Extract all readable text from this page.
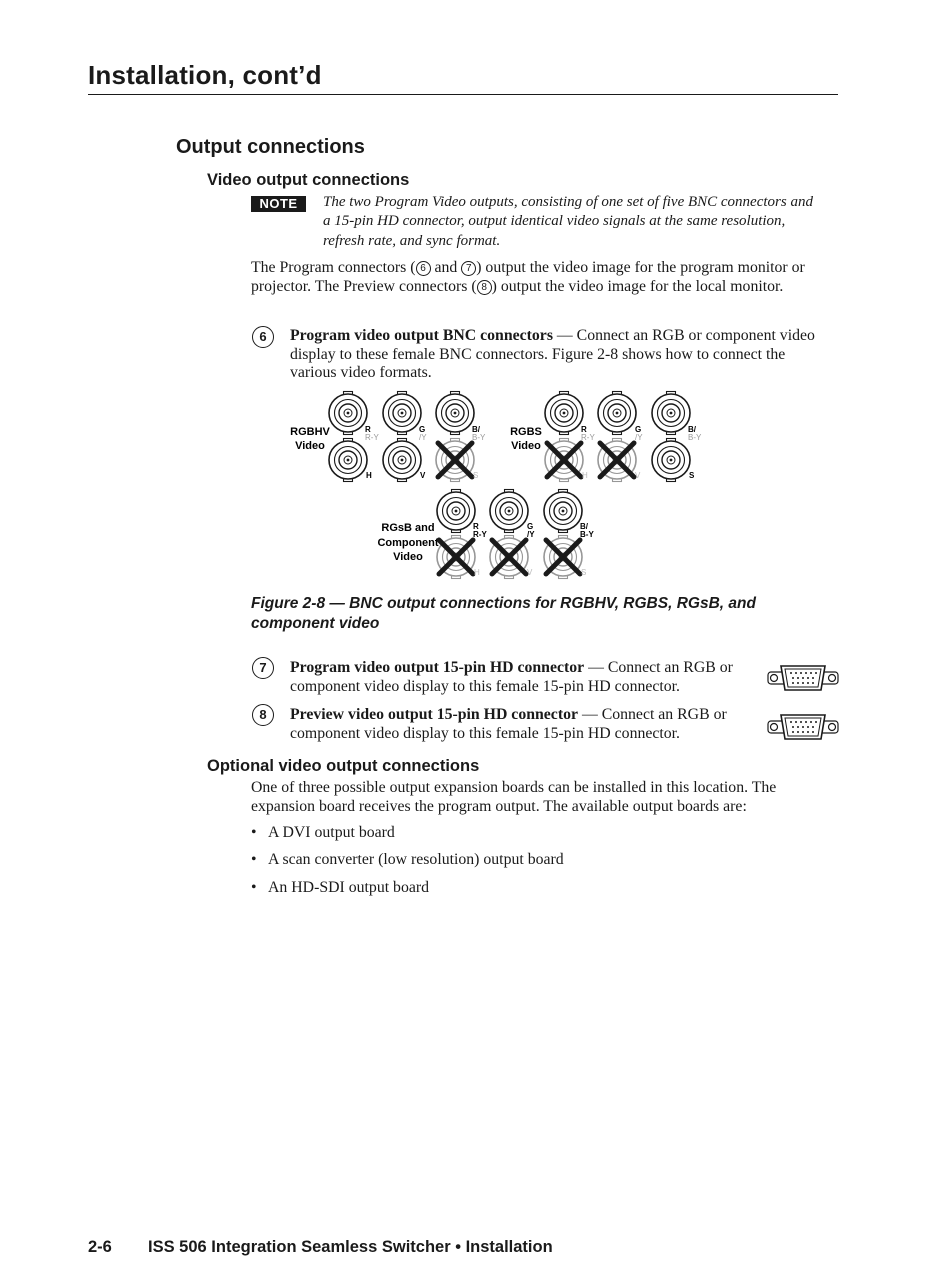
Installation, cont’d
Output connections
Video output connections
NOTE	The two Program Video outputs, consisting of one set of five BNC connectors and a 15-pin HD connector, output identical video signals at the same resolution, refresh rate, and sync format.
The Program connectors ( 6 and 7 ) output the video image for the program monitor or projector. The Preview connectors ( 8 ) output the video image for the local monitor.
6	Program video output BNC connectors — Connect an RGB or component video display to these female BNC connectors. Figure 2-8 shows how to connect the various video formats.
RGBHV
Video
R
R-Y
G
/Y
B/
B-Y
H	V	S
RGBS
Video
R
R-Y
G
/Y
B/
B-Y
H	V	S
RGsB and
Component
Video
R
R-Y
G
/Y
B/
B-Y
H	V	S
Figure 2-8 — BNC output connections for RGBHV, RGBS, RGsB, and component video
7	Program video output 15-pin HD connector — Connect an RGB or component video display to this female 15-pin HD connector.
8	Preview video output 15-pin HD connector — Connect an RGB or component video display to this female 15-pin HD connector.
Optional video output connections
One of three possible output expansion boards can be installed in this location. The expansion board receives the program output. The available output boards are:
• A DVI output board
• A scan converter (low resolution) output board
• An HD-SDI output board
2-6 ISS 506 Integration Seamless Switcher • Installation
